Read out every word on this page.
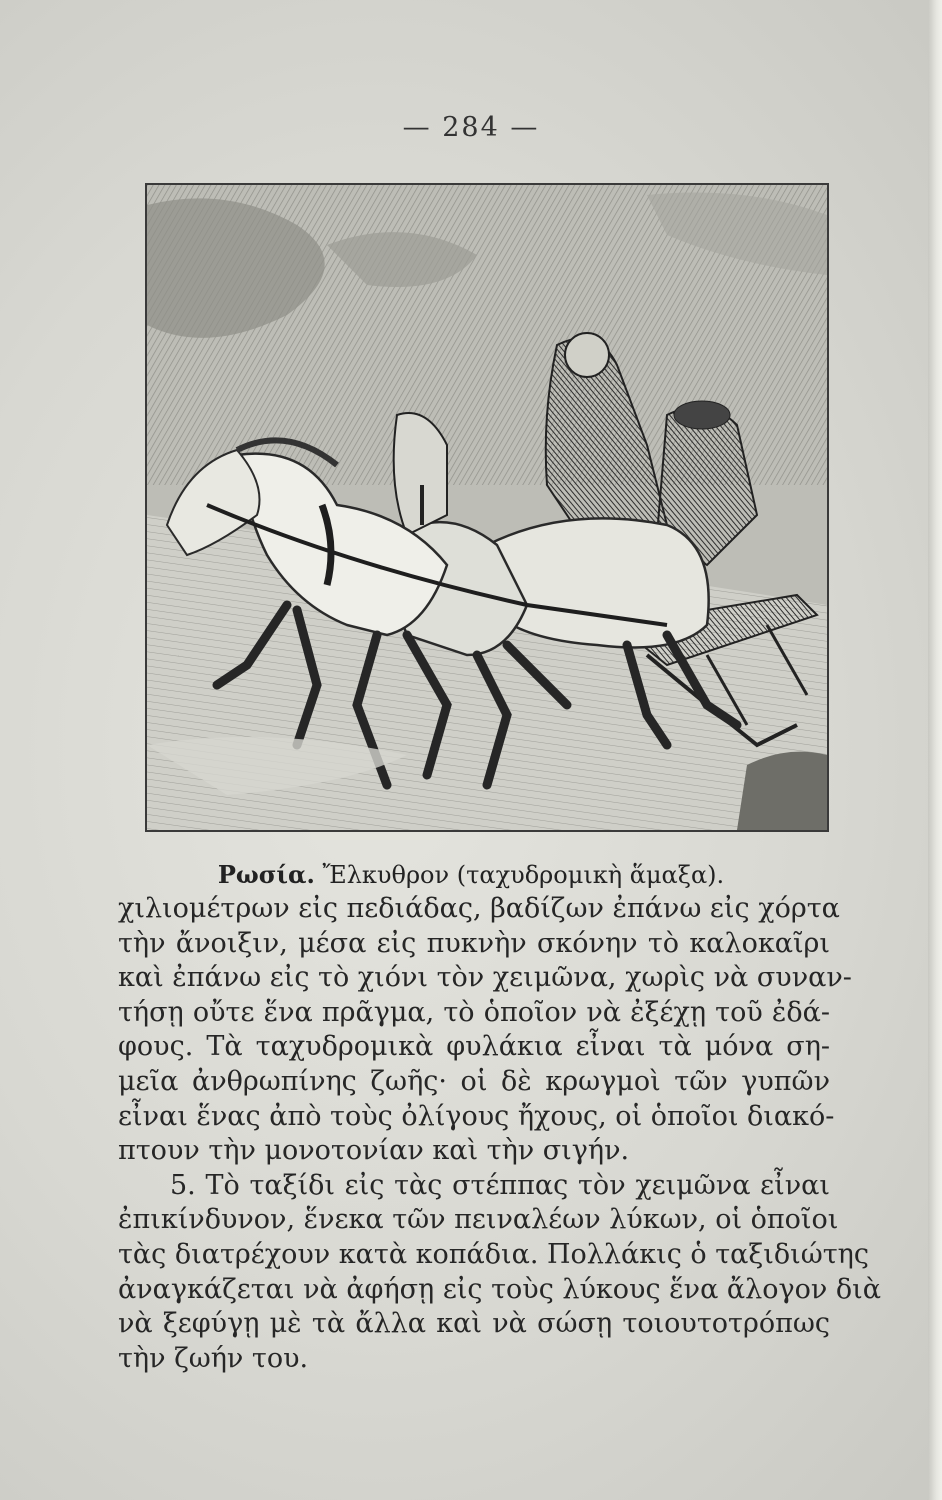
— 284 —
Ρωσία. Ἔλκυθρον (ταχυδρομικὴ ἅμαξα).
χιλιομέτρων εἰς πεδιάδας, βαδίζων ἐπάνω εἰς χόρτα
τὴν ἄνοιξιν, μέσα εἰς πυκνὴν σκόνην τὸ καλοκαῖρι
καὶ ἐπάνω εἰς τὸ χιόνι τὸν χειμῶνα, χωρὶς νὰ συναν-
τήσῃ οὔτε ἕνα πρᾶγμα, τὸ ὁποῖον νὰ ἐξέχῃ τοῦ ἐδά-
φους. Τὰ ταχυδρομικὰ φυλάκια εἶναι τὰ μόνα ση-
μεῖα ἀνθρωπίνης ζωῆς· οἱ δὲ κρωγμοὶ τῶν γυπῶν
εἶναι ἕνας ἀπὸ τοὺς ὀλίγους ἤχους, οἱ ὁποῖοι διακό-
πτουν τὴν μονοτονίαν καὶ τὴν σιγήν.
5. Τὸ ταξίδι εἰς τὰς στέππας τὸν χειμῶνα εἶναι
ἐπικίνδυνον, ἕνεκα τῶν πειναλέων λύκων, οἱ ὁποῖοι
τὰς διατρέχουν κατὰ κοπάδια. Πολλάκις ὁ ταξιδιώτης
ἀναγκάζεται νὰ ἀφήσῃ εἰς τοὺς λύκους ἕνα ἄλογον διὰ
νὰ ξεφύγῃ μὲ τὰ ἄλλα καὶ νὰ σώσῃ τοιουτοτρόπως
τὴν ζωήν του.
